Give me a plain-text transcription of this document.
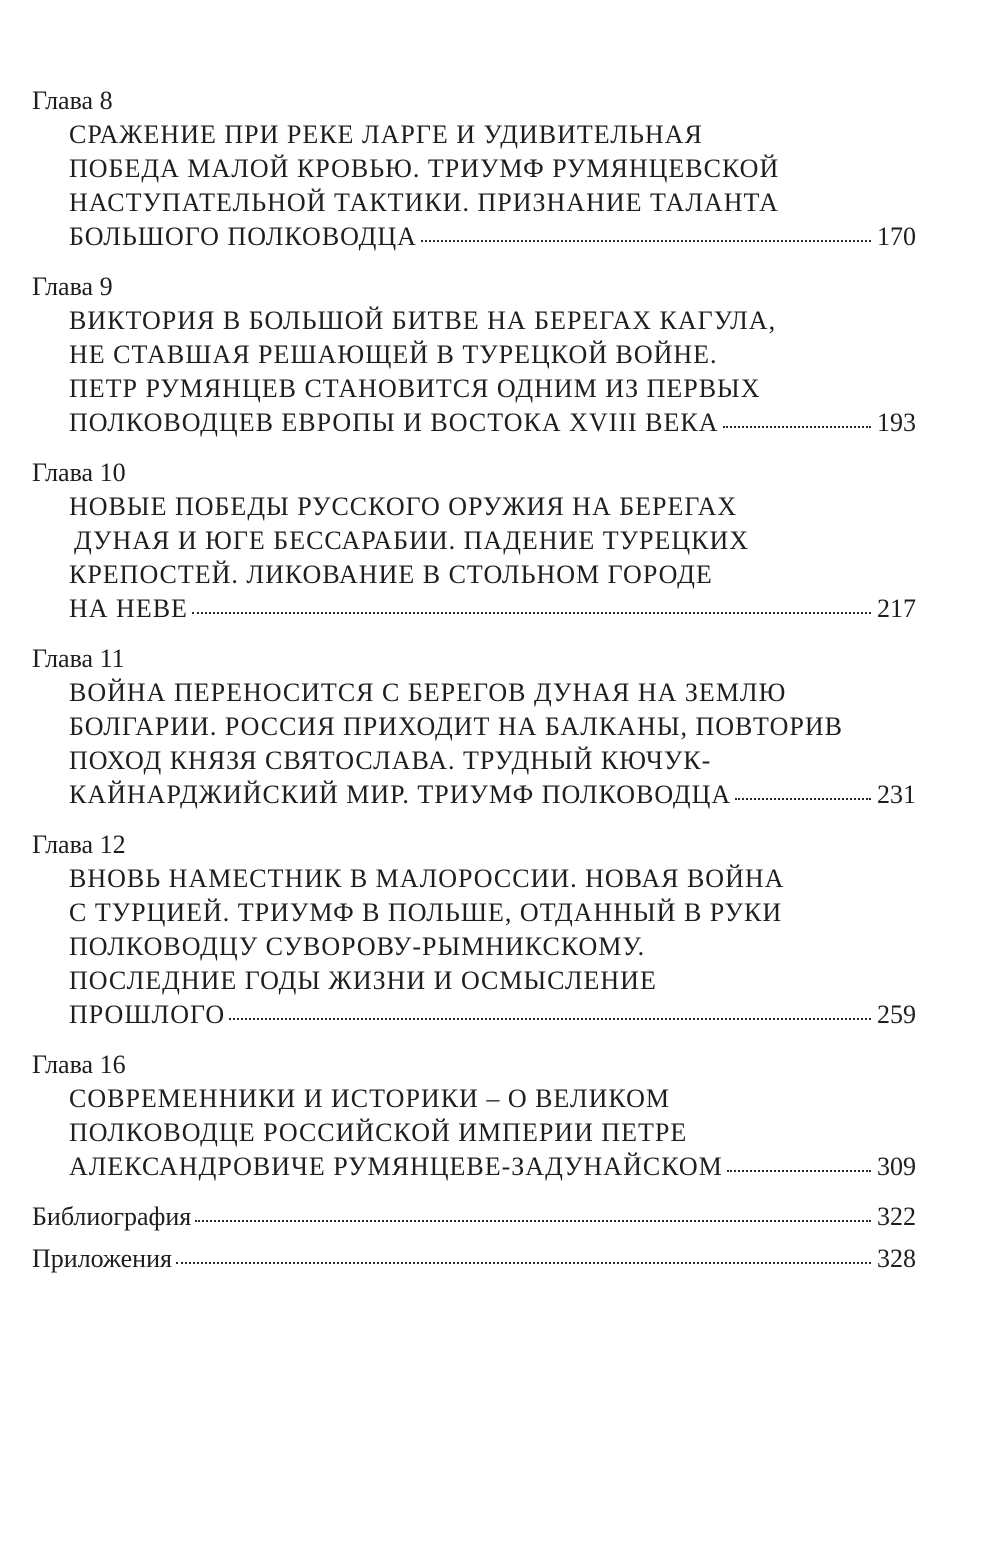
Глава 8
СРАЖЕНИЕ ПРИ РЕКЕ ЛАРГЕ И УДИВИТЕЛЬНАЯ
ПОБЕДА МАЛОЙ КРОВЬЮ. ТРИУМФ РУМЯНЦЕВСКОЙ
НАСТУПАТЕЛЬНОЙ ТАКТИКИ. ПРИЗНАНИЕ ТАЛАНТА
БОЛЬШОГО ПОЛКОВОДЦА	170
Глава 9
ВИКТОРИЯ В БОЛЬШОЙ БИТВЕ НА БЕРЕГАХ КАГУЛА,
НЕ СТАВШАЯ РЕШАЮЩЕЙ В ТУРЕЦКОЙ ВОЙНЕ.
ПЕТР РУМЯНЦЕВ СТАНОВИТСЯ ОДНИМ ИЗ ПЕРВЫХ
ПОЛКОВОДЦЕВ ЕВРОПЫ И ВОСТОКА XVIII ВЕКА	193
Глава 10
НОВЫЕ ПОБЕДЫ РУССКОГО ОРУЖИЯ НА БЕРЕГАХ
ДУНАЯ И ЮГЕ БЕССАРАБИИ. ПАДЕНИЕ ТУРЕЦКИХ
КРЕПОСТЕЙ. ЛИКОВАНИЕ В СТОЛЬНОМ ГОРОДЕ
НА НЕВЕ	217
Глава 11
ВОЙНА ПЕРЕНОСИТСЯ С БЕРЕГОВ ДУНАЯ НА ЗЕМЛЮ
БОЛГАРИИ. РОССИЯ ПРИХОДИТ НА БАЛКАНЫ, ПОВТОРИВ
ПОХОД КНЯЗЯ СВЯТОСЛАВА. ТРУДНЫЙ КЮЧУК-
КАЙНАРДЖИЙСКИЙ МИР. ТРИУМФ ПОЛКОВОДЦА	231
Глава 12
ВНОВЬ НАМЕСТНИК В МАЛОРОССИИ. НОВАЯ ВОЙНА
С ТУРЦИЕЙ. ТРИУМФ В ПОЛЬШЕ, ОТДАННЫЙ В РУКИ
ПОЛКОВОДЦУ СУВОРОВУ-РЫМНИКСКОМУ.
ПОСЛЕДНИЕ ГОДЫ ЖИЗНИ И ОСМЫСЛЕНИЕ
ПРОШЛОГО	259
Глава 16
СОВРЕМЕННИКИ И ИСТОРИКИ – О ВЕЛИКОМ
ПОЛКОВОДЦЕ РОССИЙСКОЙ ИМПЕРИИ ПЕТРЕ
АЛЕКСАНДРОВИЧЕ РУМЯНЦЕВЕ-ЗАДУНАЙСКОМ	309
Библиография	322
Приложения	328
